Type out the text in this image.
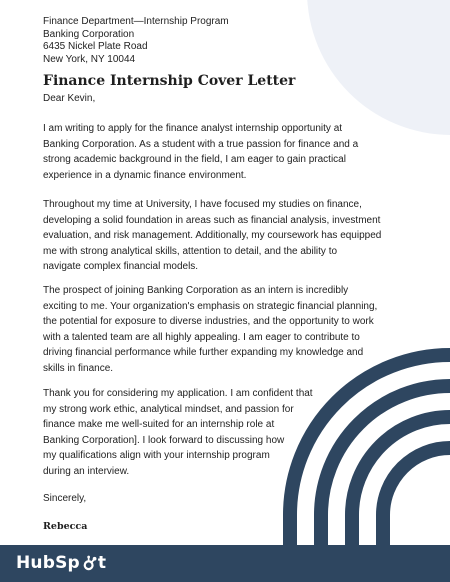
Finance Department—Internship Program
Banking Corporation
6435 Nickel Plate Road
New York, NY 10044
Finance Internship Cover Letter
Dear Kevin,
I am writing to apply for the finance analyst internship opportunity at
Banking Corporation. As a student with a true passion for finance and a
strong academic background in the field, I am eager to gain practical
experience in a dynamic finance environment.
Throughout my time at University, I have focused my studies on finance,
developing a solid foundation in areas such as financial analysis, investment
evaluation, and risk management. Additionally, my coursework has equipped
me with strong analytical skills, attention to detail, and the ability to
navigate complex financial models.
The prospect of joining Banking Corporation as an intern is incredibly
exciting to me. Your organization's emphasis on strategic financial planning,
the potential for exposure to diverse industries, and the opportunity to work
with a talented team are all highly appealing. I am eager to contribute to
driving financial performance while further expanding my knowledge and
skills in finance.
Thank you for considering my application. I am confident that
my strong work ethic, analytical mindset, and passion for
finance make me well-suited for an internship role at
Banking Corporation]. I look forward to discussing how
my qualifications align with your internship program
during an interview.
Sincerely,
Rebecca
HubSp t
